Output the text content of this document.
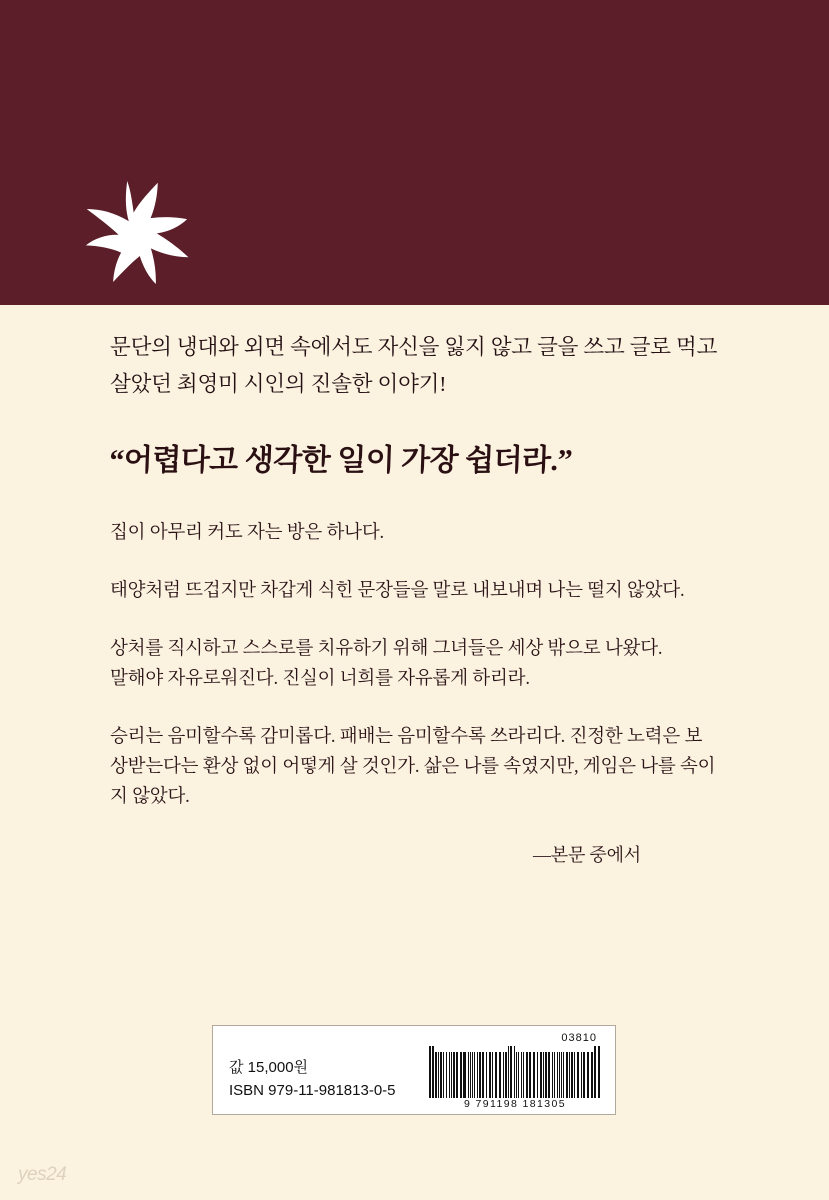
문단의 냉대와 외면 속에서도 자신을 잃지 않고 글을 쓰고 글로 먹고 살았던 최영미 시인의 진솔한 이야기!

“어렵다고 생각한 일이 가장 쉽더라.”

집이 아무리 커도 자는 방은 하나다.

태양처럼 뜨겁지만 차갑게 식힌 문장들을 말로 내보내며 나는 떨지 않았다.

상처를 직시하고 스스로를 치유하기 위해 그녀들은 세상 밖으로 나왔다.
말해야 자유로워진다. 진실이 너희를 자유롭게 하리라.

승리는 음미할수록 감미롭다. 패배는 음미할수록 쓰라리다. 진정한 노력은 보상받는다는 환상 없이 어떻게 살 것인가. 삶은 나를 속였지만, 게임은 나를 속이지 않았다.

―본문 중에서

값 15,000원
ISBN 979-11-981813-0-5
03810
9 791198 181305
yes24
